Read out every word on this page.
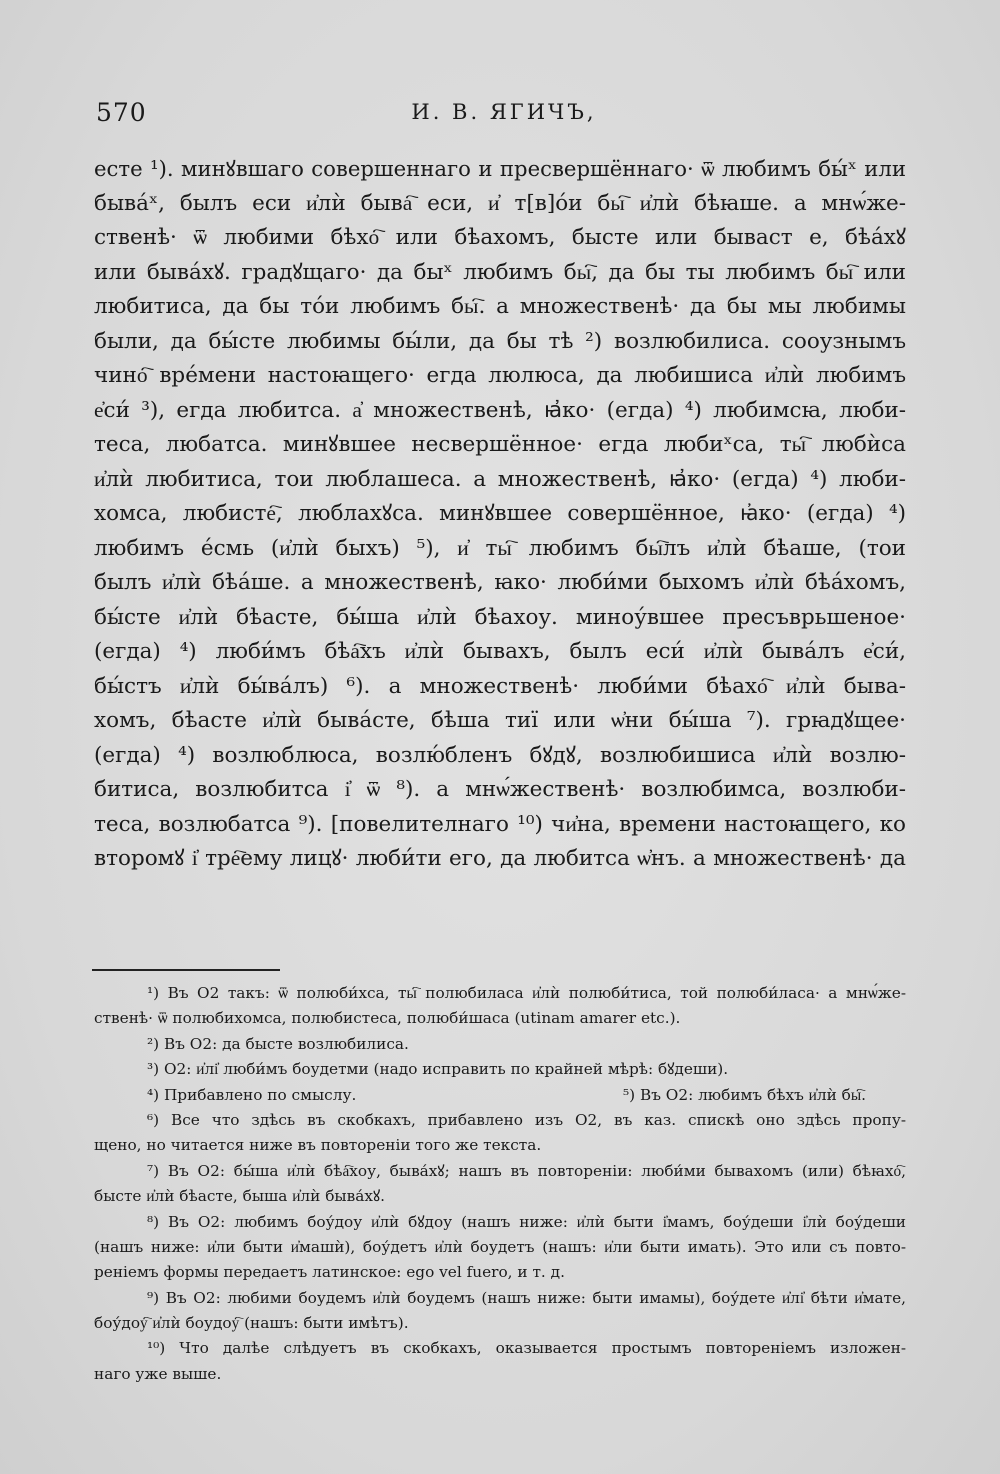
570	И. В. ЯГИЧЪ,
есте ¹). минꙋвшаго совершеннаго и пресвершённаго· ѿ любимъ бы́ˣ или
быва́ˣ, былъ еси и҆лѝ быва҇ еси, и҆ т[в]о́и бы҇ и҆лѝ бѣꙗше. а мнѡ́же-
ственѣ· ѿ любими бѣхо҇ или бѣахомъ, бысте или бываст е, бѣа́хꙋ
или быва́хꙋ. градꙋщаго· да быˣ любимъ бы҇, да бы ты любимъ бы҇ или
любитиса, да бы то́и любимъ бы҇. а множественѣ· да бы мы любимы
были, да бы́сте любимы бы́ли, да бы тѣ ²) возлюбилиса. сооузнымъ
чино҇ вре́мени настоꙗщего· егда люлюса, да любишиса и҆лѝ любимъ
е҆си́ ³), егда любитса. а҆ множественѣ, ꙗ҆ко· (егда) ⁴) любимсꙗ, люби-
теса, любатса. минꙋвшее несвершённое· егда любиˣса, ты҇ любѝса
и҆лѝ любитиса, тои люблашеса. а множественѣ, ꙗ҆ко· (егда) ⁴) люби-
хомса, любисте҇, люблахꙋса. минꙋвшее совершённое, ꙗ҆ко· (егда) ⁴)
любимъ е́смь (и҆лѝ быхъ) ⁵), и҆ ты҇ любимъ бы҇лъ и҆лѝ бѣаше, (тои
былъ и҆лѝ бѣа́ше. а множественѣ, ꙗко· люби́ми быхомъ и҆лѝ бѣа́хомъ,
бы́сте и҆лѝ бѣасте, бы́ша и҆лѝ бѣахоу. миноу́вшее пресъврьшеное·
(егда) ⁴) люби́мъ бѣа҇хъ и҆лѝ бывахъ, былъ еси́ и҆лѝ быва́лъ е҆си́,
бы́стъ и҆лѝ бы́ва́лъ) ⁶). а множественѣ· люби́ми бѣахо҇ и҆лѝ быва-
хомъ, бѣасте и҆лѝ быва́сте, бѣша тиї или ѡ҆ни бы́ша ⁷). грꙗдꙋщее·
(егда) ⁴) возлюблюса, возлю́бленъ бꙋдꙋ, возлюбишиса и҆лѝ возлю-
битиса, возлюбитса і҆ ѿ ⁸). а мнѡ́жественѣ· возлюбимса, возлюби-
теса, возлюбатса ⁹). [повелителнаго ¹⁰) чи҆на, времени настоꙗщего, ко
второмꙋ і҆ тре҇ему лицꙋ· люби́ти его, да любитса ѡ҆нъ. а множественѣ· да
¹) Въ О2 такъ: ѿ полюби́хса, ты҇ полюбиласа и҆лѝ полюби́тиса, той полюби́ласа· а мнѡ́же-
ственѣ· ѿ полюбихомса, полюбистеса, полюби́шаса (utinam amarer etc.).
²) Въ О2: да бысте возлюбилиса.
³) О2: и҆лі҆ люби́мъ боудетми (надо исправить по крайней мѣрѣ: бꙋдеши).
⁴) Прибавлено по смыслу.	⁵) Въ О2: любимъ бѣхъ и҆лѝ бы҇.
⁶) Все что здѣсь въ скобкахъ, прибавлено изъ О2, въ каз. спискѣ оно здѣсь пропу-
щено, но читается ниже въ повтореніи того же текста.
⁷) Въ О2: бы́ша и҆лѝ бѣа҇хоу, быва́хꙋ; нашъ въ повтореніи: люби́ми бывахомъ (или) бѣꙗхо҇,
бысте и҆лѝ бѣасте, быша и҆лѝ быва́хꙋ.
⁸) Въ О2: любимъ боу́доу и҆лѝ бꙋдоу (нашъ ниже: и҆лѝ быти і҆мамъ, боу́деши і҆лѝ боу́деши
(нашъ ниже: и҆ли быти и҆машѝ), боу́детъ и҆лѝ боудетъ (нашъ: и҆ли быти имать). Это или съ повто-
реніемъ формы передаетъ латинское: ego vel fuero, и т. д.
⁹) Въ О2: любими боудемъ и҆лѝ боудемъ (нашъ ниже: быти имамы), боу́дете и҆лі҆ бѣти и҆мате,
боу́доу҇ и҆лѝ боудоу҇ (нашъ: быти имѣтъ).
¹⁰) Что далѣе слѣдуетъ въ скобкахъ, оказывается простымъ повтореніемъ изложен-
наго уже выше.
